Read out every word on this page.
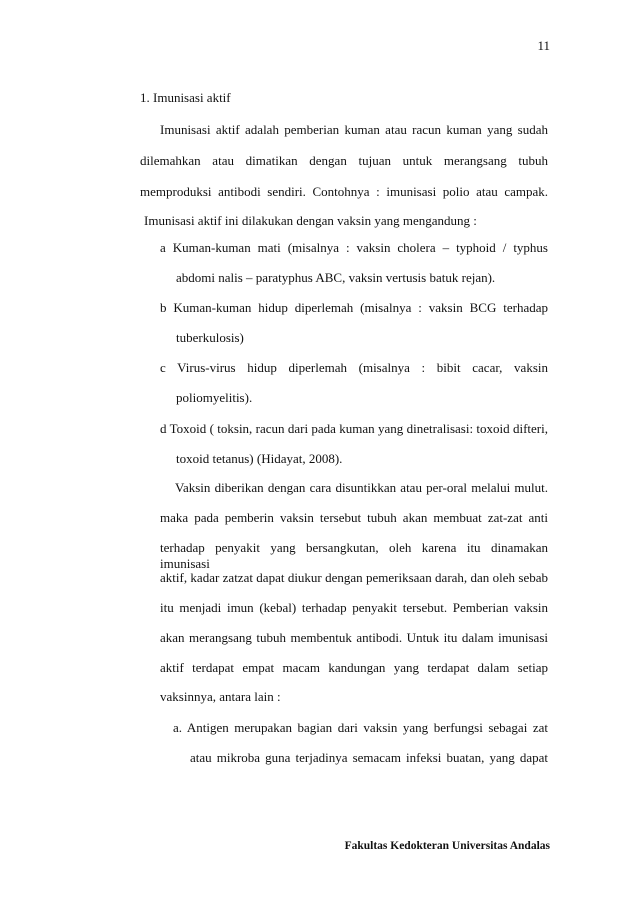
11
1. Imunisasi aktif
Imunisasi aktif adalah pemberian kuman atau racun kuman yang sudah
dilemahkan atau dimatikan dengan tujuan untuk merangsang tubuh
memproduksi antibodi sendiri. Contohnya : imunisasi polio atau campak.
Imunisasi aktif ini dilakukan dengan vaksin yang mengandung :
a Kuman-kuman mati (misalnya : vaksin cholera – typhoid / typhus
abdomi nalis – paratyphus ABC, vaksin vertusis batuk rejan).
b Kuman-kuman hidup diperlemah (misalnya : vaksin BCG terhadap
tuberkulosis)
c Virus-virus hidup diperlemah (misalnya : bibit cacar, vaksin
poliomyelitis).
d Toxoid ( toksin, racun dari pada kuman yang dinetralisasi: toxoid difteri,
toxoid tetanus) (Hidayat, 2008).
Vaksin diberikan dengan cara disuntikkan atau per-oral melalui mulut.
maka pada pemberin vaksin tersebut tubuh akan membuat zat-zat anti
terhadap penyakit yang bersangkutan, oleh karena itu dinamakan imunisasi
aktif, kadar zatzat dapat diukur dengan pemeriksaan darah, dan oleh sebab
itu menjadi imun (kebal) terhadap penyakit tersebut. Pemberian vaksin
akan merangsang tubuh membentuk antibodi. Untuk itu dalam imunisasi
aktif terdapat empat macam kandungan yang terdapat dalam setiap
vaksinnya, antara lain :
a. Antigen merupakan bagian dari vaksin yang berfungsi sebagai zat
atau mikroba guna terjadinya semacam infeksi buatan, yang dapat
Fakultas Kedokteran Universitas Andalas
